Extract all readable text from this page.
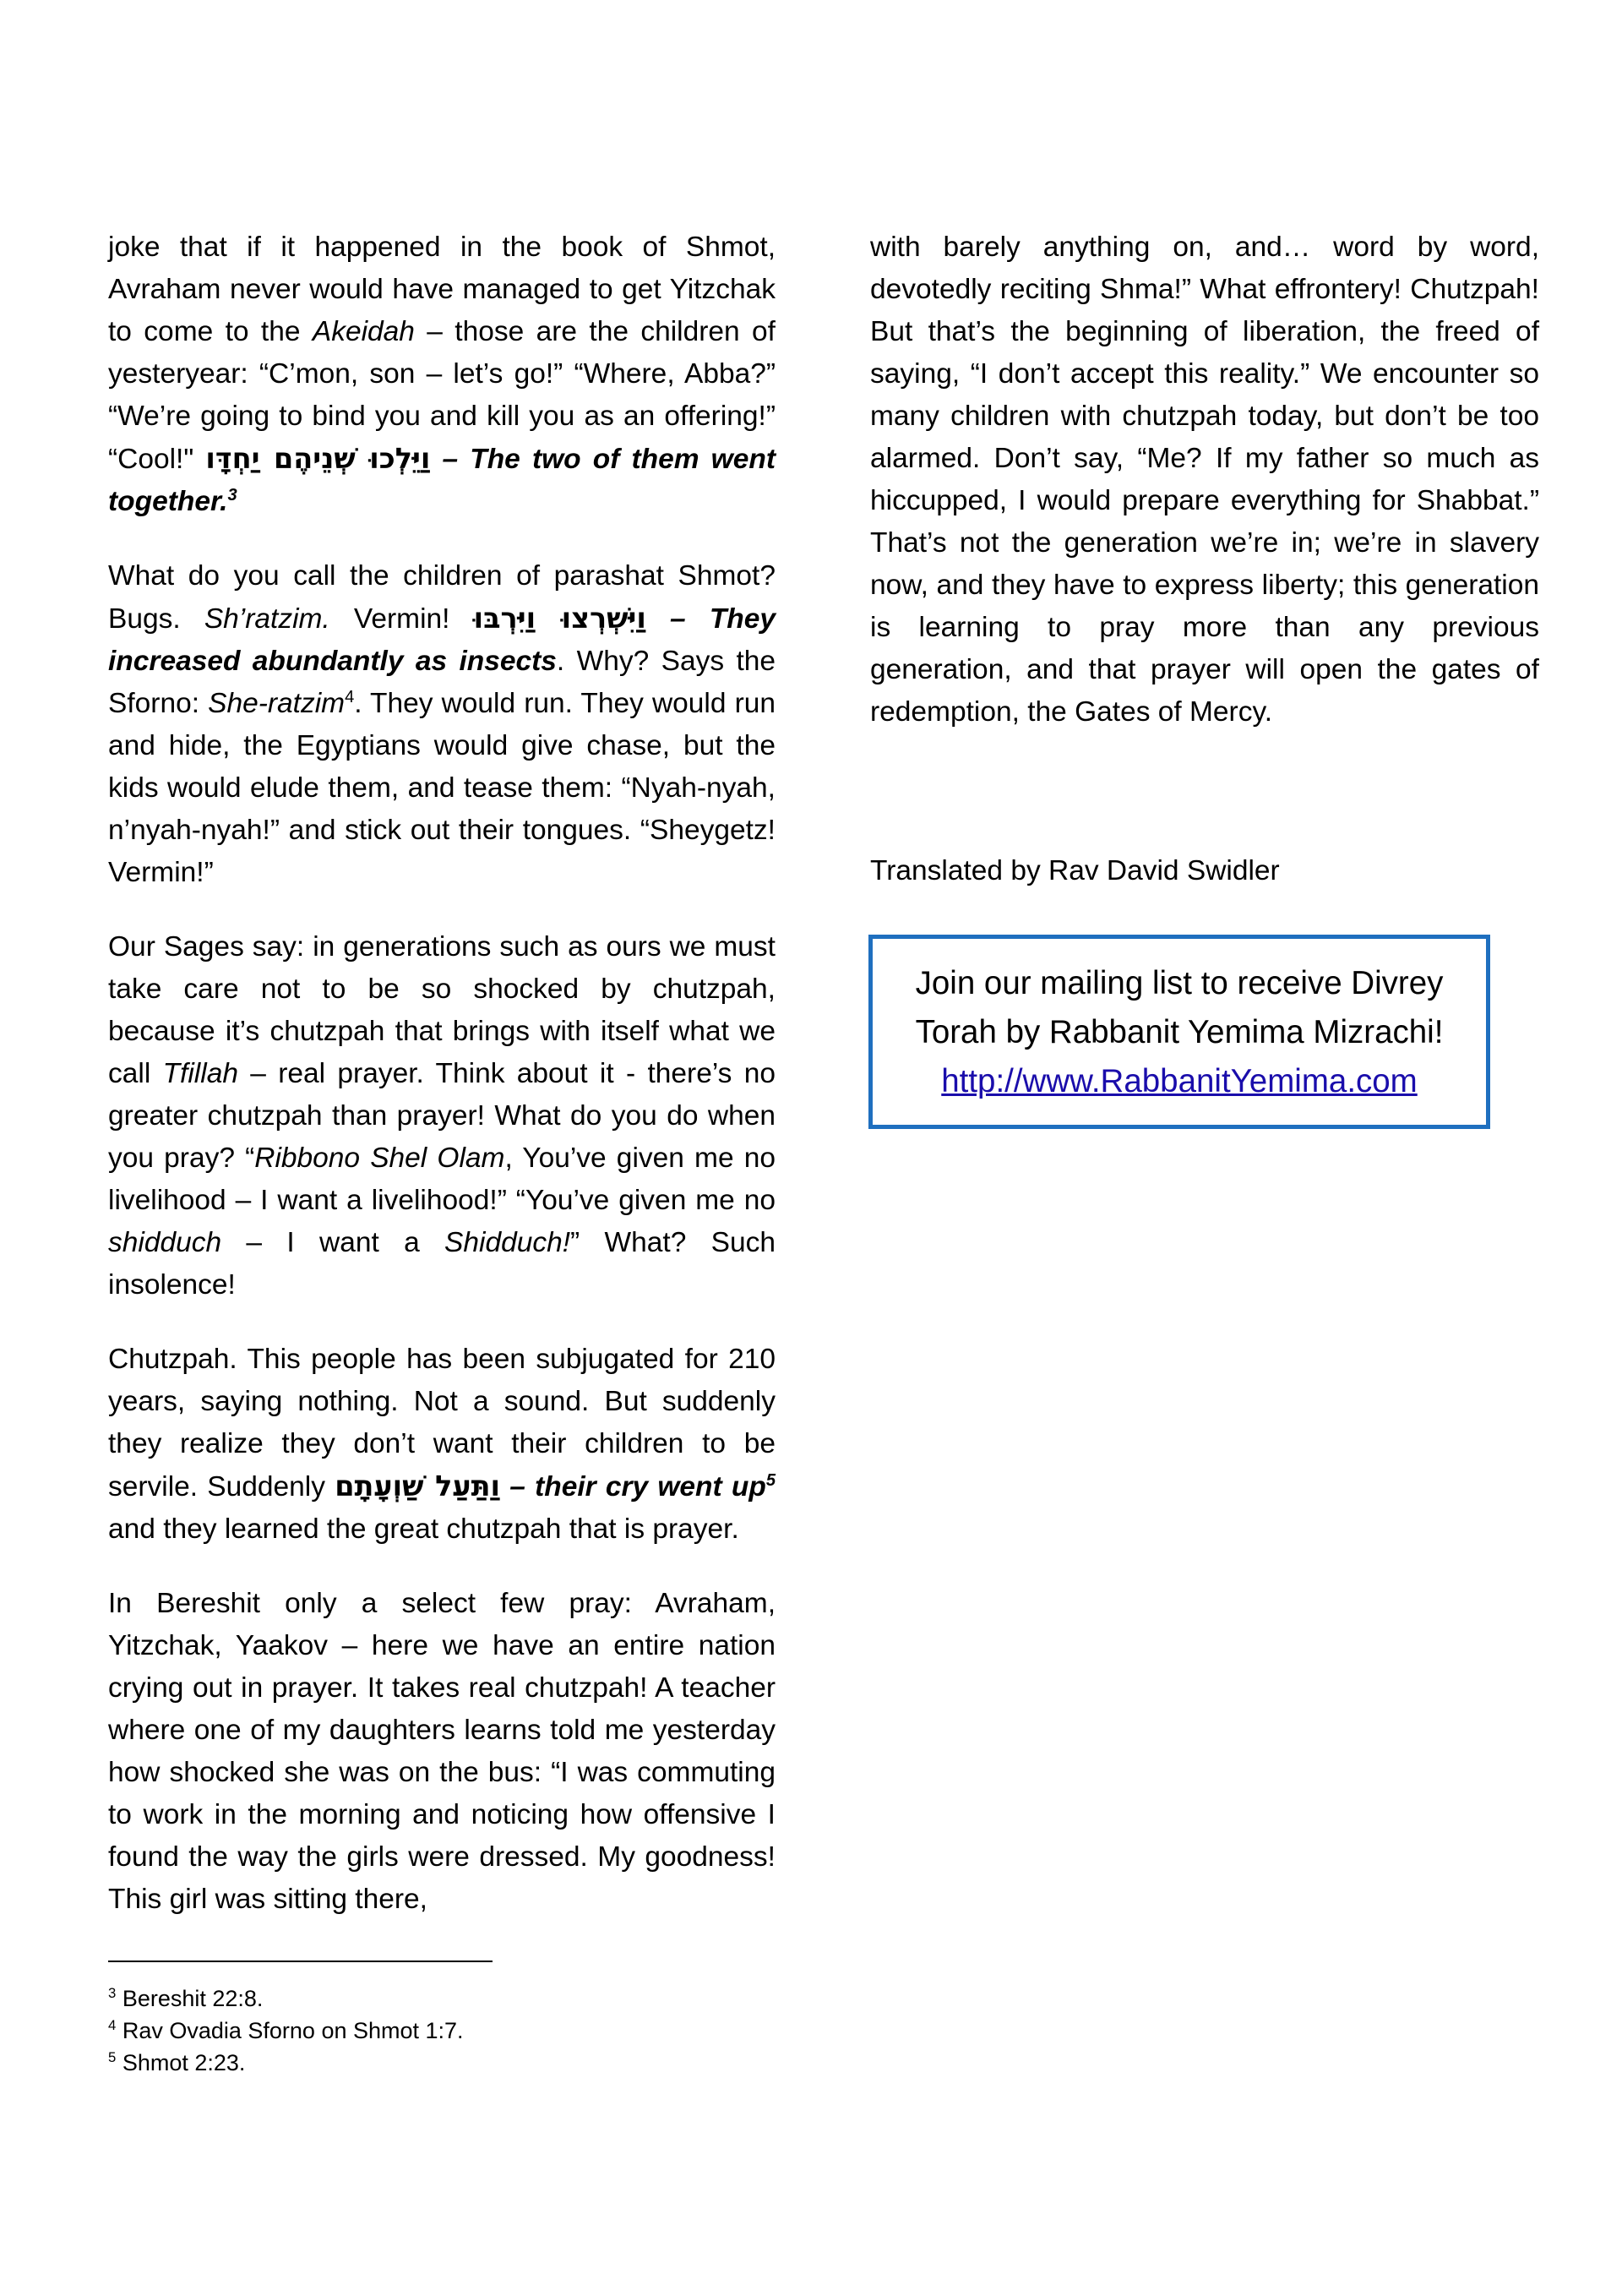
joke that if it happened in the book of Shmot, Avraham never would have managed to get Yitzchak to come to the Akeidah – those are the children of yesteryear: “C’mon, son – let’s go!” “Where, Abba?” “We’re going to bind you and kill you as an offering!” “Cool!" וַיֵּלְכוּ שְׁנֵיהֶם יַחְדָּו – The two of them went together.$^3$

What do you call the children of parashat Shmot? Bugs. Sh’ratzim. Vermin! וַיִּשְׁרְצוּ וַיִּרְבּוּ – They increased abundantly as insects. Why? Says the Sforno: She-ratzim$^4$. They would run. They would run and hide, the Egyptians would give chase, but the kids would elude them, and tease them: “Nyah-nyah, n’nyah-nyah!” and stick out their tongues. “Sheygetz! Vermin!”

Our Sages say: in generations such as ours we must take care not to be so shocked by chutzpah, because it’s chutzpah that brings with itself what we call Tfillah – real prayer. Think about it - there’s no greater chutzpah than prayer! What do you do when you pray? “Ribbono Shel Olam, You’ve given me no livelihood – I want a livelihood!” “You’ve given me no shidduch – I want a Shidduch!” What? Such insolence!

Chutzpah. This people has been subjugated for 210 years, saying nothing. Not a sound. But suddenly they realize they don’t want their children to be servile. Suddenly וַתַּעַל שַׁוְעָתָם – their cry went $up^5$ and they learned the great chutzpah that is prayer.

In Bereshit only a select few pray: Avraham, Yitzchak, Yaakov – here we have an entire nation crying out in prayer. It takes real chutzpah! A teacher where one of my daughters learns told me yesterday how shocked she was on the bus: “I was commuting to work in the morning and noticing how offensive I found the way the girls were dressed. My goodness! This girl was sitting there,

with barely anything on, and… word by word, devotedly reciting Shma!” What effrontery! Chutzpah! But that’s the beginning of liberation, the freed of saying, “I don’t accept this reality.” We encounter so many children with chutzpah today, but don’t be too alarmed. Don’t say, “Me? If my father so much as hiccupped, I would prepare everything for Shabbat.” That’s not the generation we’re in; we’re in slavery now, and they have to express liberty; this generation is learning to pray more than any previous generation, and that prayer will open the gates of redemption, the Gates of Mercy.

Translated by Rav David Swidler
Join our mailing list to receive Divrey
Torah by Rabbanit Yemima Mizrachi!
http://www.RabbanitYemima.com
$^3$ Bereshit 22:8.
$^4$ Rav Ovadia Sforno on Shmot 1:7.
$^5$ Shmot 2:23.
